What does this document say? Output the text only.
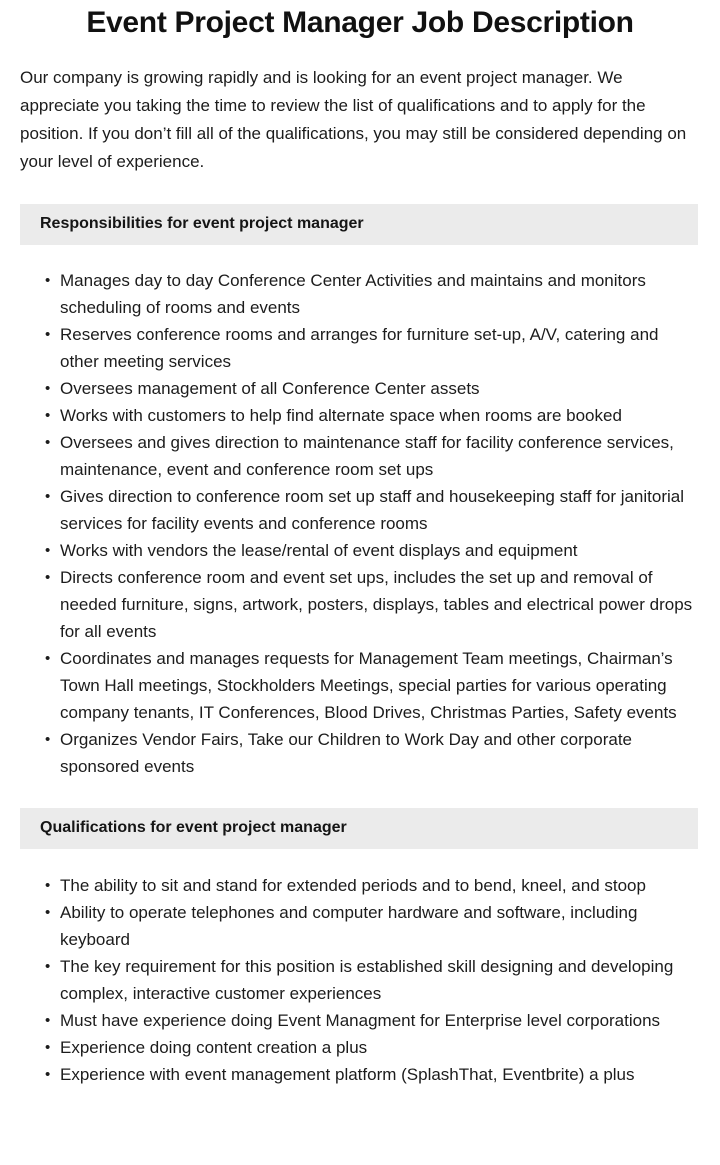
Event Project Manager Job Description

Our company is growing rapidly and is looking for an event project manager. We appreciate you taking the time to review the list of qualifications and to apply for the position. If you don’t fill all of the qualifications, you may still be considered depending on your level of experience.

Responsibilities for event project manager
• Manages day to day Conference Center Activities and maintains and monitors scheduling of rooms and events
• Reserves conference rooms and arranges for furniture set-up, A/V, catering and other meeting services
• Oversees management of all Conference Center assets
• Works with customers to help find alternate space when rooms are booked
• Oversees and gives direction to maintenance staff for facility conference services, maintenance, event and conference room set ups
• Gives direction to conference room set up staff and housekeeping staff for janitorial services for facility events and conference rooms
• Works with vendors the lease/rental of event displays and equipment
• Directs conference room and event set ups, includes the set up and removal of needed furniture, signs, artwork, posters, displays, tables and electrical power drops for all events
• Coordinates and manages requests for Management Team meetings, Chairman’s Town Hall meetings, Stockholders Meetings, special parties for various operating company tenants, IT Conferences, Blood Drives, Christmas Parties, Safety events
• Organizes Vendor Fairs, Take our Children to Work Day and other corporate sponsored events
Qualifications for event project manager
• The ability to sit and stand for extended periods and to bend, kneel, and stoop
• Ability to operate telephones and computer hardware and software, including keyboard
• The key requirement for this position is established skill designing and developing complex, interactive customer experiences
• Must have experience doing Event Managment for Enterprise level corporations
• Experience doing content creation a plus
• Experience with event management platform (SplashThat, Eventbrite) a plus
